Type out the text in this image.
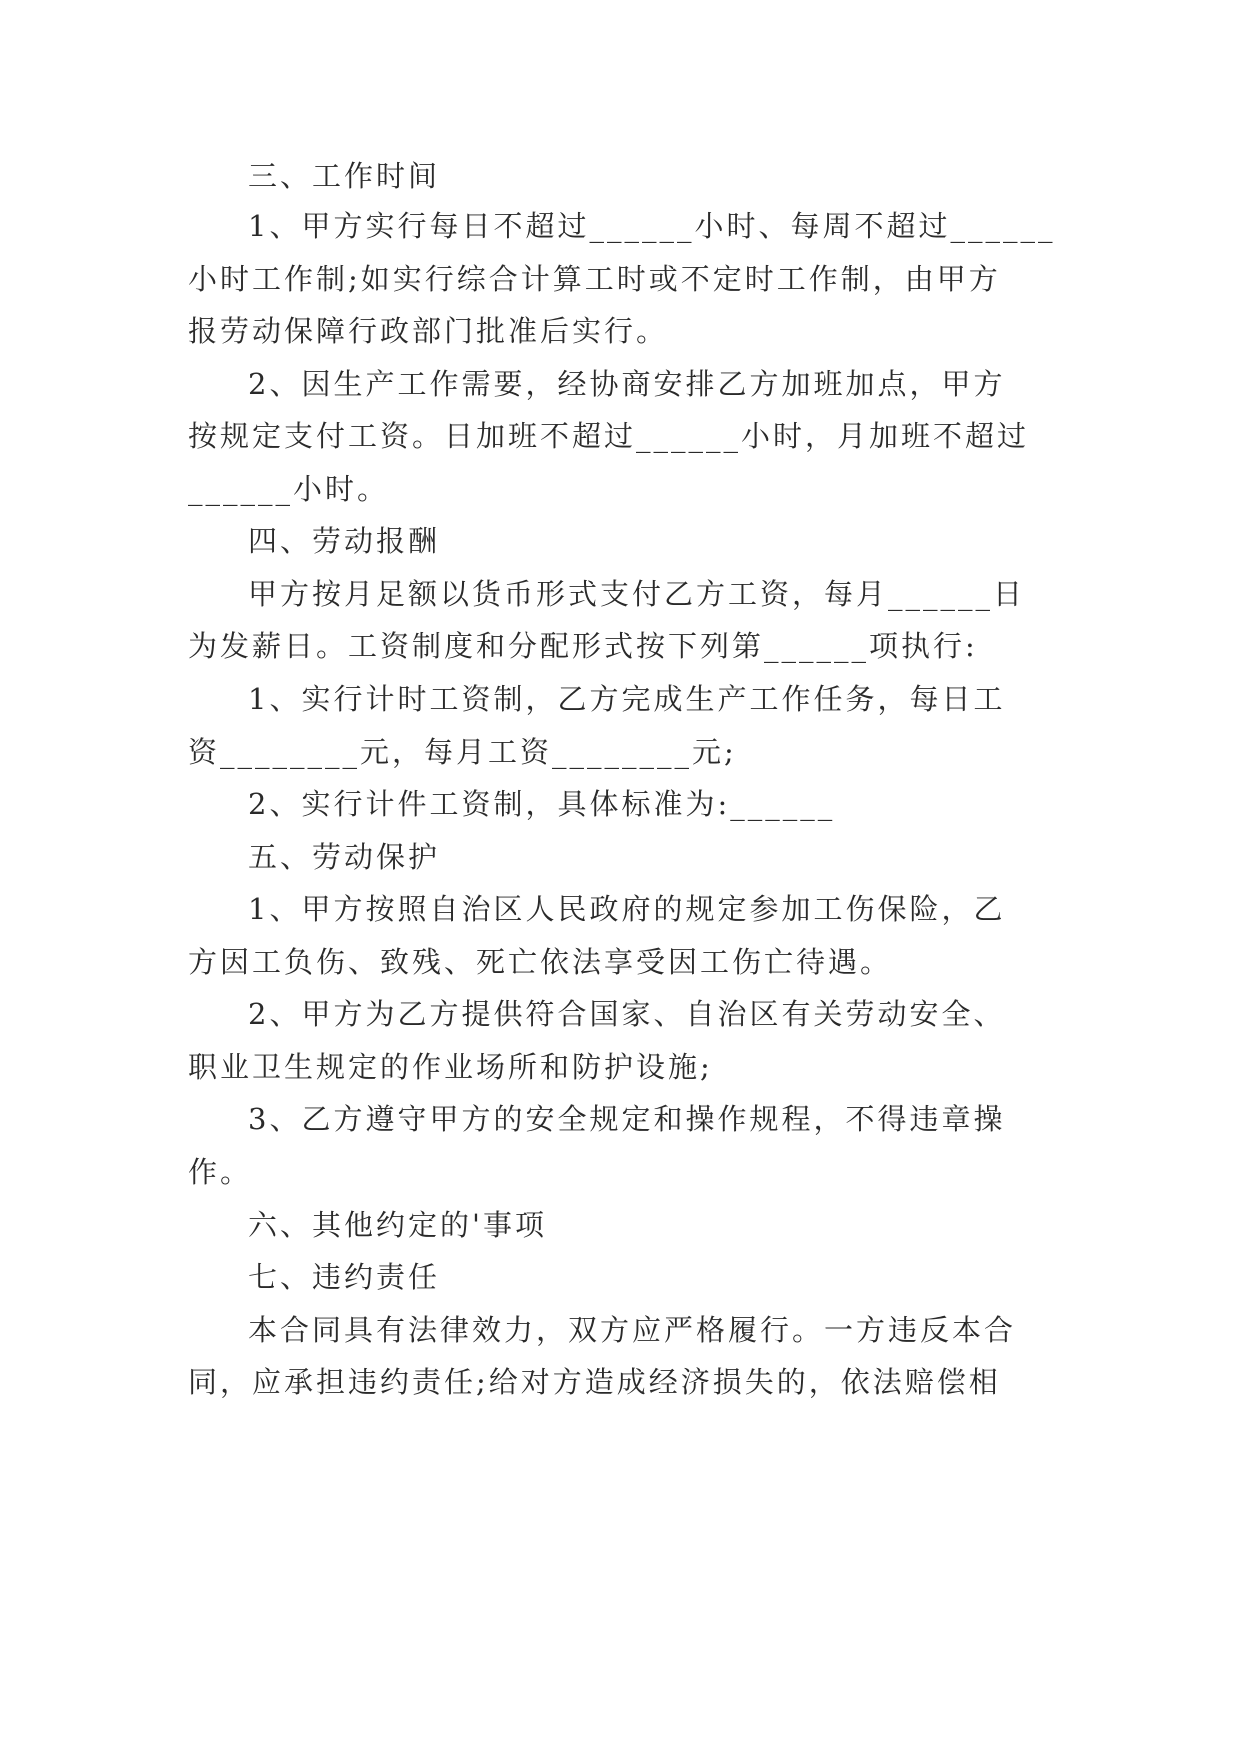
三、工作时间
1、甲方实行每日不超过______小时、每周不超过______
小时工作制;如实行综合计算工时或不定时工作制，由甲方
报劳动保障行政部门批准后实行。
2、因生产工作需要，经协商安排乙方加班加点，甲方
按规定支付工资。日加班不超过______小时，月加班不超过
______小时。
四、劳动报酬
甲方按月足额以货币形式支付乙方工资，每月______日
为发薪日。工资制度和分配形式按下列第______项执行:
1、实行计时工资制，乙方完成生产工作任务，每日工
资________元，每月工资________元;
2、实行计件工资制，具体标准为:______
五、劳动保护
1、甲方按照自治区人民政府的规定参加工伤保险，乙
方因工负伤、致残、死亡依法享受因工伤亡待遇。
2、甲方为乙方提供符合国家、自治区有关劳动安全、
职业卫生规定的作业场所和防护设施;
3、乙方遵守甲方的安全规定和操作规程，不得违章操
作。
六、其他约定的'事项
七、违约责任
本合同具有法律效力，双方应严格履行。一方违反本合
同，应承担违约责任;给对方造成经济损失的，依法赔偿相
